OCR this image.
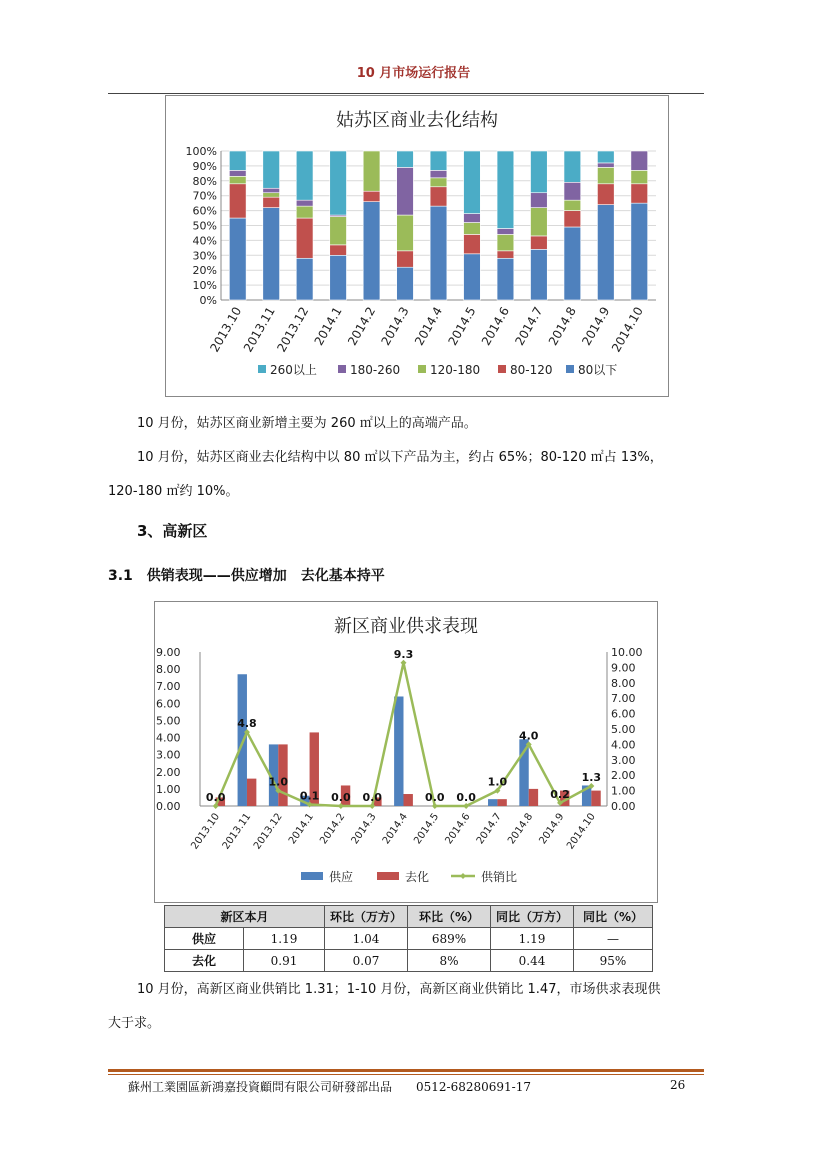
10 月市场运行报告
姑苏区商业去化结构
0%
10%
20%
30%
40%
50%
60%
70%
80%
90%
100%
2013.10
2013.11
2013.12 2014.1 2014.2 2014.3 2014.4 2014.5 2014.6 2014.7 2014.8 2014.9
2014.10
260以上	180-260 120-180 80-120 80以下
10 月份，姑苏区商业新增主要为 260 ㎡以上的高端产品。
10 月份，姑苏区商业去化结构中以 80 ㎡以下产品为主，约占 65%；80-120 ㎡占 13%，
120-180 ㎡约 10%。
3、高新区
3.1　供销表现——供应增加　去化基本持平
新区商业供求表现
0.00
1.00
2.00
3.00
4.00
5.00
6.00
7.00
8.00
9.00
0.00
1.00
2.00
3.00
4.00
5.00
6.00
7.00
8.00
9.00
10.00
2013.10
2013.11
2013.12 2014.1 2014.2 2014.3 2014.4 2014.5 2014.6 2014.7 2014.8 2014.9
2014.10
0.0
4.8
1.0
0.1 0.0 0.0
9.3
0.0 0.0
1.0
4.0
0.2
1.3
供应	去化	供销比
新区本月		环比（万方）	环比（%）	同比（万方）	同比（%）
供应	1.19	1.04	689%	1.19	—
去化	0.91	0.07	8%	0.44	95%
10 月份，高新区商业供销比 1.31；1-10 月份，高新区商业供销比 1.47，市场供求表现供
大于求。
蘇州工業園區新鴻嘉投資顧問有限公司研發部出品　　0512-68280691-17	26
